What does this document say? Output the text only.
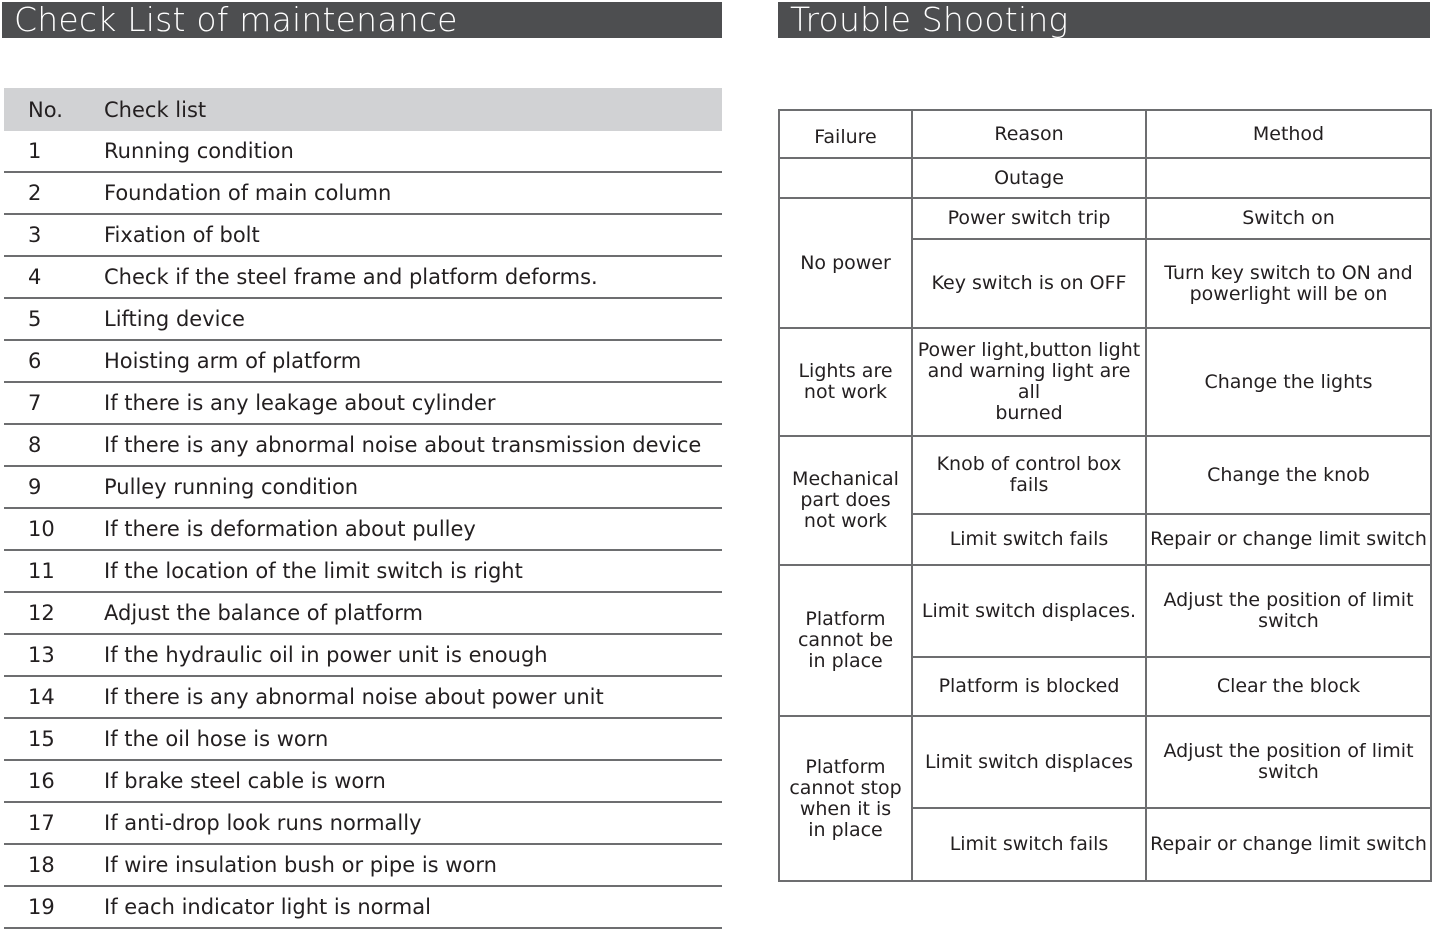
Check List of maintenance	Trouble Shooting
No.	Check list
1	Running condition
2	Foundation of main column
3	Fixation of bolt
4	Check if the steel frame and platform deforms.
5	Lifting device
6	Hoisting arm of platform
7	If there is any leakage about cylinder
8	If there is any abnormal noise about transmission device
9	Pulley running condition
10	If there is deformation about pulley
11	If the location of the limit switch is right
12	Adjust the balance of platform
13	If the hydraulic oil in power unit is enough
14	If there is any abnormal noise about power unit
15	If the oil hose is worn
16	If brake steel cable is worn
17	If anti-drop look runs normally
18	If wire insulation bush or pipe is worn
19	If each indicator light is normal
Failure	Reason	Method
	Outage	
No power	Power switch trip	Switch on
	Key switch is on OFF	Turn key switch to ON and
powerlight will be on
Lights are
not work	Power light,button light
and warning light are all
burned	Change the lights
Mechanical
part does
not work	Knob of control box fails	Change the knob
	Limit switch fails	Repair or change limit switch
Platform
cannot be
in place	Limit switch displaces.	Adjust the position of limit
switch
	Platform is blocked	Clear the block
Platform
cannot stop
when it is
in place	Limit switch displaces	Adjust the position of limit
switch
	Limit switch fails	Repair or change limit switch
